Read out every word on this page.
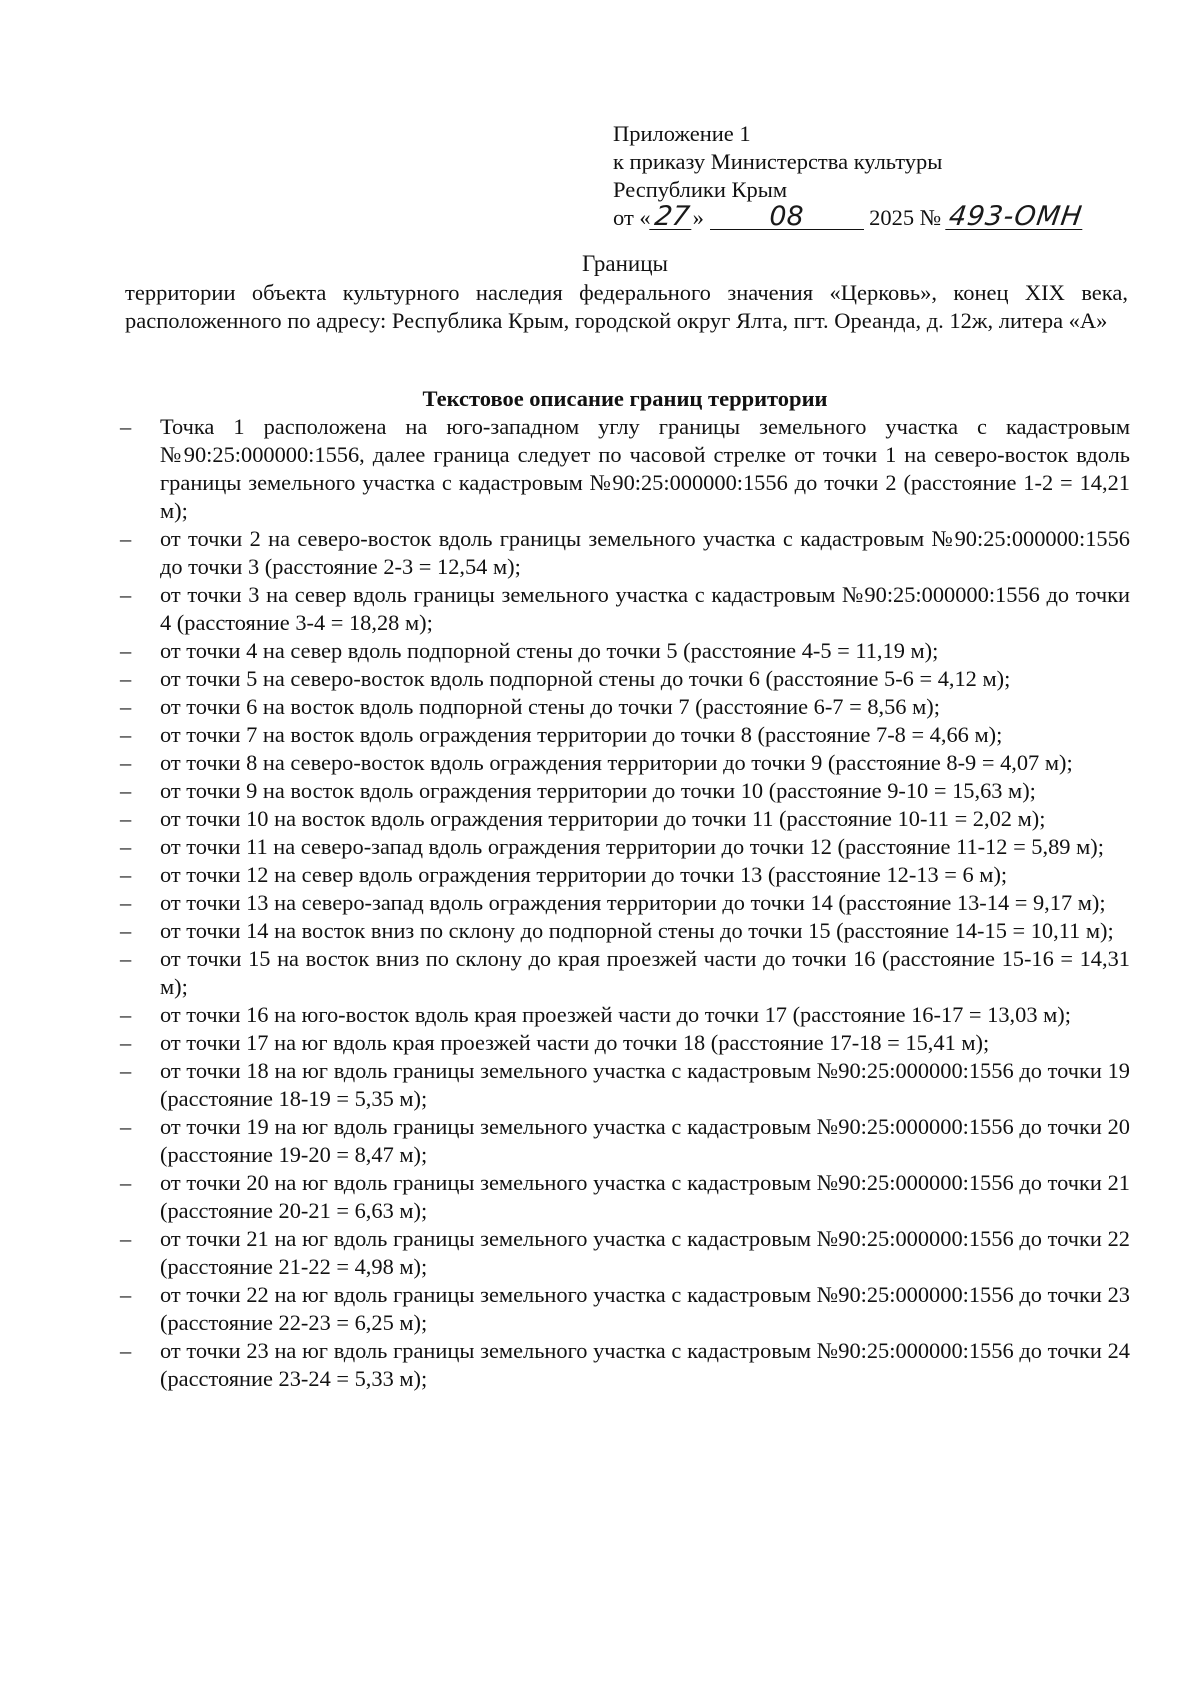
Приложение 1
к приказу Министерства культуры
Республики Крым
от «27» 08	2025 № 493-ОМН
Границы
территории объекта культурного наследия федерального значения «Церковь», конец XIX века, расположенного по адресу: Республика Крым, городской округ Ялта, пгт. Ореанда, д. 12ж, литера «А»
Текстовое описание границ территории
–	Точка 1 расположена на юго-западном углу границы земельного участка с кадастровым №90:25:000000:1556, далее граница следует по часовой стрелке от точки 1 на северо-восток вдоль границы земельного участка с кадастровым №90:25:000000:1556 до точки 2 (расстояние 1-2 = 14,21 м);
–	от точки 2 на северо-восток вдоль границы земельного участка с кадастровым №90:25:000000:1556 до точки 3 (расстояние 2-3 = 12,54 м);
–	от точки 3 на север вдоль границы земельного участка с кадастровым №90:25:000000:1556 до точки 4 (расстояние 3-4 = 18,28 м);
–	от точки 4 на север вдоль подпорной стены до точки 5 (расстояние 4-5 = 11,19 м);
–	от точки 5 на северо-восток вдоль подпорной стены до точки 6 (расстояние 5-6 = 4,12 м);
–	от точки 6 на восток вдоль подпорной стены до точки 7 (расстояние 6-7 = 8,56 м);
–	от точки 7 на восток вдоль ограждения территории до точки 8 (расстояние 7-8 = 4,66 м);
–	от точки 8 на северо-восток вдоль ограждения территории до точки 9 (расстояние 8-9 = 4,07 м);
–	от точки 9 на восток вдоль ограждения территории до точки 10 (расстояние 9-10 = 15,63 м);
–	от точки 10 на восток вдоль ограждения территории до точки 11 (расстояние 10-11 = 2,02 м);
–	от точки 11 на северо-запад вдоль ограждения территории до точки 12 (расстояние 11-12 = 5,89 м);
–	от точки 12 на север вдоль ограждения территории до точки 13 (расстояние 12-13 = 6 м);
–	от точки 13 на северо-запад вдоль ограждения территории до точки 14 (расстояние 13-14 = 9,17 м);
–	от точки 14 на восток вниз по склону до подпорной стены до точки 15 (расстояние 14-15 = 10,11 м);
–	от точки 15 на восток вниз по склону до края проезжей части до точки 16 (расстояние 15-16 = 14,31 м);
–	от точки 16 на юго-восток вдоль края проезжей части до точки 17 (расстояние 16-17 = 13,03 м);
–	от точки 17 на юг вдоль края проезжей части до точки 18 (расстояние 17-18 = 15,41 м);
–	от точки 18 на юг вдоль границы земельного участка с кадастровым №90:25:000000:1556 до точки 19 (расстояние 18-19 = 5,35 м);
–	от точки 19 на юг вдоль границы земельного участка с кадастровым №90:25:000000:1556 до точки 20 (расстояние 19-20 = 8,47 м);
–	от точки 20 на юг вдоль границы земельного участка с кадастровым №90:25:000000:1556 до точки 21 (расстояние 20-21 = 6,63 м);
–	от точки 21 на юг вдоль границы земельного участка с кадастровым №90:25:000000:1556 до точки 22 (расстояние 21-22 = 4,98 м);
–	от точки 22 на юг вдоль границы земельного участка с кадастровым №90:25:000000:1556 до точки 23 (расстояние 22-23 = 6,25 м);
–	от точки 23 на юг вдоль границы земельного участка с кадастровым №90:25:000000:1556 до точки 24 (расстояние 23-24 = 5,33 м);
